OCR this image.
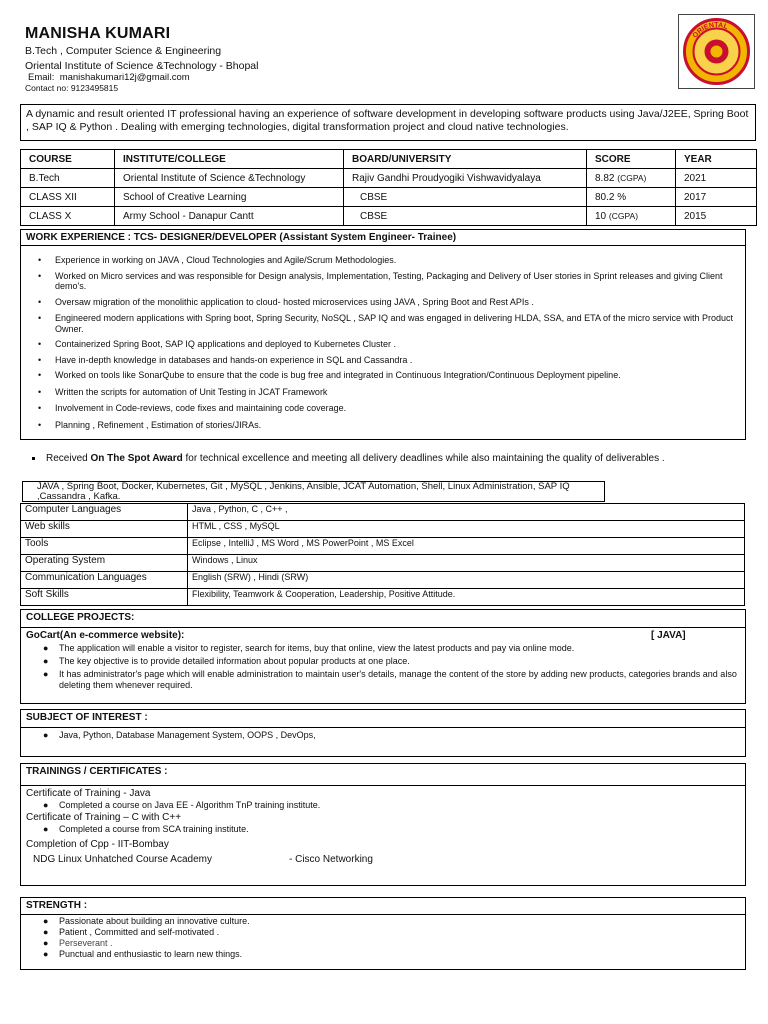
MANISHA KUMARI
B.Tech , Computer Science & Engineering
Oriental Institute of Science &Technology - Bhopal
Email: manishakumari12j@gmail.com
Contact no: 9123495815
ORIENTAL
A dynamic and result oriented IT professional having an experience of software development in developing software products using Java/J2EE, Spring Boot , SAP IQ & Python . Dealing with emerging technologies, digital transformation project and cloud native technologies.
COURSE	INSTITUTE/COLLEGE	BOARD/UNIVERSITY	SCORE	YEAR
B.Tech	Oriental Institute of Science &Technology	Rajiv Gandhi Proudyogiki Vishwavidyalaya	8.82 (CGPA)	2021
CLASS XII	School of Creative Learning	CBSE	80.2 %	2017
CLASS X	Army School - Danapur Cantt	CBSE	10 (CGPA)	2015
WORK EXPERIENCE : TCS- DESIGNER/DEVELOPER (Assistant System Engineer- Trainee)
• Experience in working on JAVA , Cloud Technologies and Agile/Scrum Methodologies.
• Worked on Micro services and was responsible for Design analysis, Implementation, Testing, Packaging and Delivery of User stories in Sprint releases and giving Client demo's.
• Oversaw migration of the monolithic application to cloud- hosted microservices using JAVA , Spring Boot and Rest APIs .
• Engineered modern applications with Spring boot, Spring Security, NoSQL , SAP IQ and was engaged in delivering HLDA, SSA, and ETA of the micro service with Product Owner.
• Containerized Spring Boot, SAP IQ applications and deployed to Kubernetes Cluster .
• Have in-depth knowledge in databases and hands-on experience in SQL and Cassandra .
• Worked on tools like SonarQube to ensure that the code is bug free and integrated in Continuous Integration/Continuous Deployment pipeline.
• Written the scripts for automation of Unit Testing in JCAT Framework
• Involvement in Code-reviews, code fixes and maintaining code coverage.
• Planning , Refinement , Estimation of stories/JIRAs.
Received On The Spot Award for technical excellence and meeting all delivery deadlines while also maintaining the quality of deliverables .
JAVA , Spring Boot, Docker, Kubernetes, Git , MySQL , Jenkins, Ansible, JCAT Automation, Shell, Linux Administration, SAP IQ ,Cassandra , Kafka.
Computer Languages	Java , Python, C , C++ ,
Web skills	HTML , CSS , MySQL
Tools	Eclipse , IntelliJ , MS Word , MS PowerPoint , MS Excel
Operating System	Windows , Linux
Communication Languages	English (SRW) , Hindi (SRW)
Soft Skills	Flexibility, Teamwork & Cooperation, Leadership, Positive Attitude.
COLLEGE PROJECTS:
GoCart(An e-commerce website):	[ JAVA]
● The application will enable a visitor to register, search for items, buy that online, view the latest products and pay via online mode.
● The key objective is to provide detailed information about popular products at one place.
● It has administrator's page which will enable administration to maintain user's details, manage the content of the store by adding new products, categories brands and also deleting them whenever required.
SUBJECT OF INTEREST :
● Java, Python, Database Management System, OOPS , DevOps,
TRAININGS / CERTIFICATES :
Certificate of Training - Java
● Completed a course on Java EE - Algorithm TnP training institute.
Certificate of Training – C with C++
● Completed a course from SCA training institute.
Completion of Cpp - IIT-Bombay
NDG Linux Unhatched Course Academy	- Cisco Networking
STRENGTH :
● Passionate about building an innovative culture.
● Patient , Committed and self-motivated .
● Perseverant .
● Punctual and enthusiastic to learn new things.
